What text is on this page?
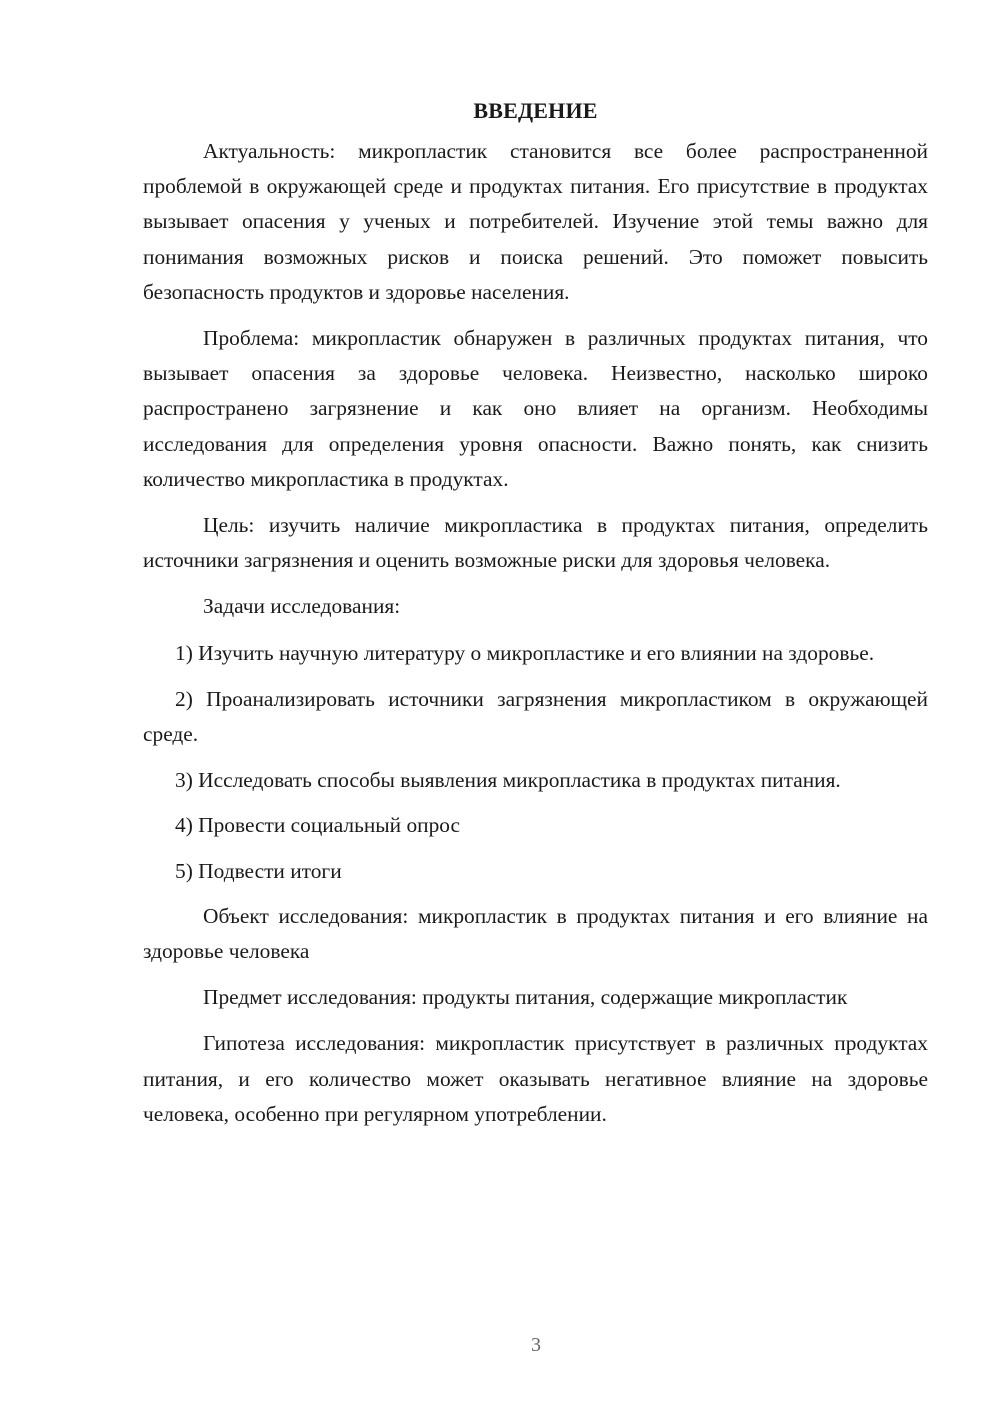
ВВЕДЕНИЕ

Актуальность: микропластик становится все более распространенной проблемой в окружающей среде и продуктах питания. Его присутствие в продуктах вызывает опасения у ученых и потребителей. Изучение этой темы важно для понимания возможных рисков и поиска решений. Это поможет повысить безопасность продуктов и здоровье населения.

Проблема: микропластик обнаружен в различных продуктах питания, что вызывает опасения за здоровье человека. Неизвестно, насколько широко распространено загрязнение и как оно влияет на организм. Необходимы исследования для определения уровня опасности. Важно понять, как снизить количество микропластика в продуктах.

Цель: изучить наличие микропластика в продуктах питания, определить источники загрязнения и оценить возможные риски для здоровья человека.

Задачи исследования:

1) Изучить научную литературу о микропластике и его влиянии на здоровье.

2) Проанализировать источники загрязнения микропластиком в окружающей среде.

3) Исследовать способы выявления микропластика в продуктах питания.

4) Провести социальный опрос

5) Подвести итоги

Объект исследования: микропластик в продуктах питания и его влияние на здоровье человека

Предмет исследования: продукты питания, содержащие микропластик

Гипотеза исследования: микропластик присутствует в различных продуктах питания, и его количество может оказывать негативное влияние на здоровье человека, особенно при регулярном употреблении.

3
